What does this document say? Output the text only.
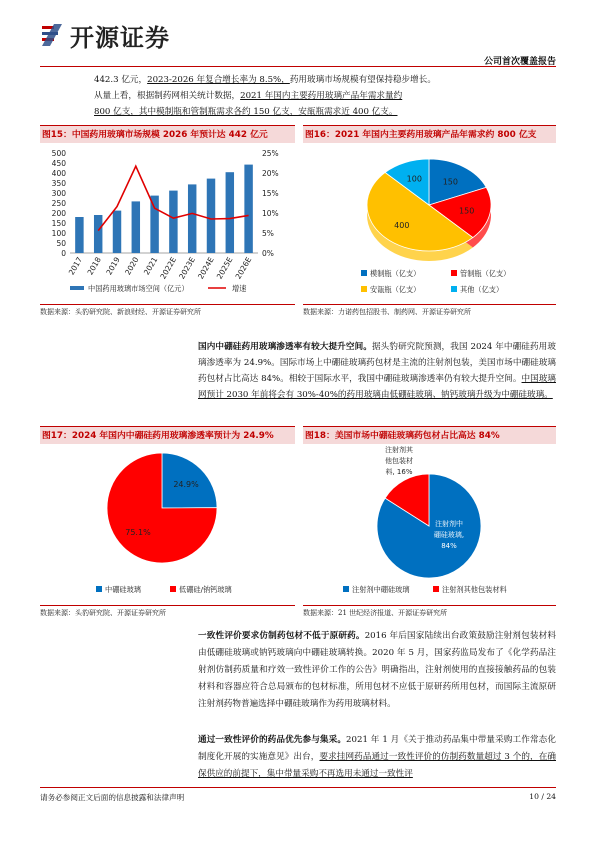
开源证券
公司首次覆盖报告

442.3 亿元，2023-2026 年复合增长率为 8.5%，药用玻璃市场规模有望保持稳步增长。

从量上看，根据制药网相关统计数据，2021 年国内主要药用玻璃产品年需求量约

800 亿支，其中模制瓶和管制瓶需求各约 150 亿支，安瓿瓶需求近 400 亿支。

图15：中国药用玻璃市场规模 2026 年预计达 442 亿元
0
50
100
150
200
250
300
350
400
450
500
0%
5%
10%
15%
20%
25%
2017 2018 2019 2020 2021 2022E 2023E 2024E 2025E 2026E
中国药用玻璃市场空间（亿元）	增速
数据来源：头豹研究院、新浪财经、开源证券研究所
图16：2021 年国内主要药用玻璃产品年需求约 800 亿支
150
150
400
100
模制瓶（亿支）	管制瓶（亿支）
安瓿瓶（亿支）	其他（亿支）
数据来源：力诺药包招股书、制药网、开源证券研究所
国内中硼硅药用玻璃渗透率有较大提升空间。据头豹研究院预测，我国 2024 年中硼硅药用玻璃渗透率为 24.9%。国际市场上中硼硅玻璃药包材是主流的注射剂包装，美国市场中硼硅玻璃药包材占比高达 84%。相较于国际水平，我国中硼硅玻璃渗透率仍有较大提升空间。中国玻璃网预计 2030 年前将会有 30%-40%的药用玻璃由低硼硅玻璃、钠钙玻璃升级为中硼硅玻璃。
图17：2024 年国内中硼硅药用玻璃渗透率预计为 24.9%
24.9%
75.1%
中硼硅玻璃	低硼硅/钠钙玻璃
数据来源：头豹研究院、开源证券研究所
图18：美国市场中硼硅玻璃药包材占比高达 84%
注射剂其
他包装材
料, 16%
注射剂中
硼硅玻璃,
84%
注射剂中硼硅玻璃	注射剂其他包装材料
数据来源：21 世纪经济报道、开源证券研究所
一致性评价要求仿制药包材不低于原研药。2016 年后国家陆续出台政策鼓励注射剂包装材料由低硼硅玻璃或钠钙玻璃向中硼硅玻璃转换。2020 年 5 月，国家药监局发布了《化学药品注射剂仿制药质量和疗效一致性评价工作的公告》明确指出，注射剂使用的直接接触药品的包装材料和容器应符合总局颁布的包材标准，所用包材不应低于原研药所用包材，而国际主流原研注射剂药物普遍选择中硼硅玻璃作为药用玻璃材料。
通过一致性评价的药品优先参与集采。2021 年 1 月《关于推动药品集中带量采购工作常态化制度化开展的实施意见》出台，要求挂网药品通过一致性评价的仿制药数量超过 3 个的，在确保供应的前提下，集中带量采购不再选用未通过一致性评
请务必参阅正文后面的信息披露和法律声明	10 / 24
